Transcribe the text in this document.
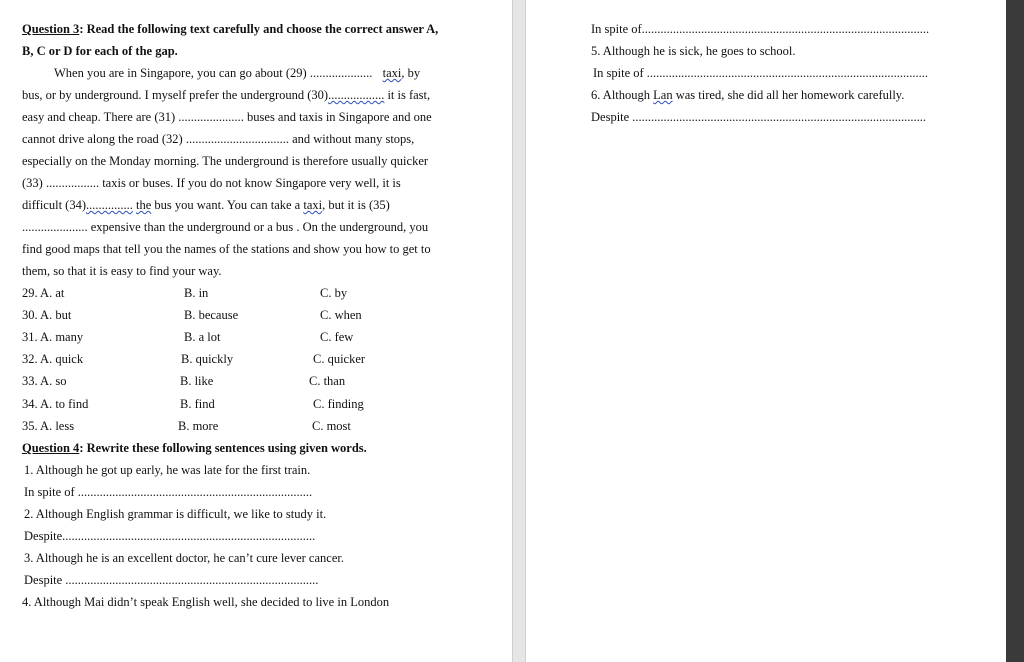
Question 3: Read the following text carefully and choose the correct answer A,
B, C or D for each of the gap.
When you are in Singapore, you can go about (29) .................... taxi, by
bus, or by underground. I myself prefer the underground (30).................. it is fast,
easy and cheap. There are (31) ..................... buses and taxis in Singapore and one
cannot drive along the road (32) ................................. and without many stops,
especially on the Monday morning. The underground is therefore usually quicker
(33) ................. taxis or buses. If you do not know Singapore very well, it is
difficult (34)............... the bus you want. You can take a taxi, but it is (35)
..................... expensive than the underground or a bus . On the underground, you
find good maps that tell you the names of the stations and show you how to get to
them, so that it is easy to find your way.
29. A. at	B. in	C. by
30. A. but	B. because	C. when
31. A. many	B. a lot	C. few
32. A. quick	B. quickly	C. quicker
33. A. so	B. like	C. than
34. A. to find	B. find	C. finding
35. A. less	B. more	C. most
Question 4: Rewrite these following sentences using given words.
1. Although he got up early, he was late for the first train.
In spite of ...........................................................................
2. Although English grammar is difficult, we like to study it.
Despite.................................................................................
3. Although he is an excellent doctor, he can’t cure lever cancer.
Despite .................................................................................
4. Although Mai didn’t speak English well, she decided to live in London
In spite of............................................................................................
5. Although he is sick, he goes to school.
In spite of ..........................................................................................
6. Although Lan was tired, she did all her homework carefully.
Despite ..............................................................................................
